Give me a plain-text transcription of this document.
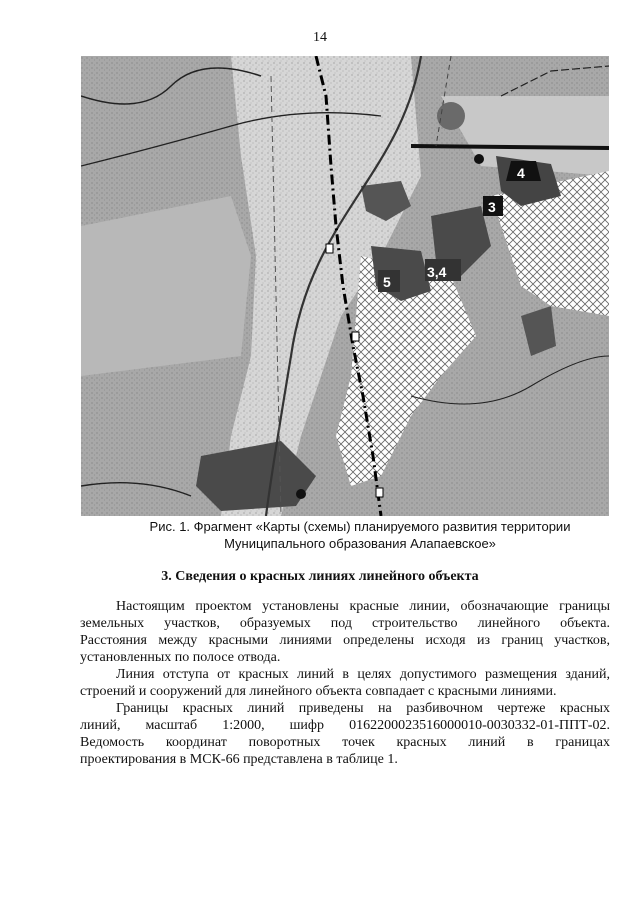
14
4
3
3,4
5
Рис. 1. Фрагмент «Карты (схемы) планируемого развития территории
Муниципального образования Алапаевское»
3. Сведения о красных линиях линейного объекта

Настоящим проектом установлены красные линии, обозначающие границы
земельных участков, образуемых под строительство линейного объекта.
Расстояния между красными линиями определены исходя из границ участков,
установленных по полосе отвода.

Линия отступа от красных линий в целях допустимого размещения зданий,
строений и сооружений для линейного объекта совпадает с красными линиями.

Границы красных линий приведены на разбивочном чертеже красных
линий, масштаб 1:2000, шифр 0162200023516000010-0030332-01-ППТ-02.
Ведомость координат поворотных точек красных линий в границах
проектирования в МСК-66 представлена в таблице 1.
